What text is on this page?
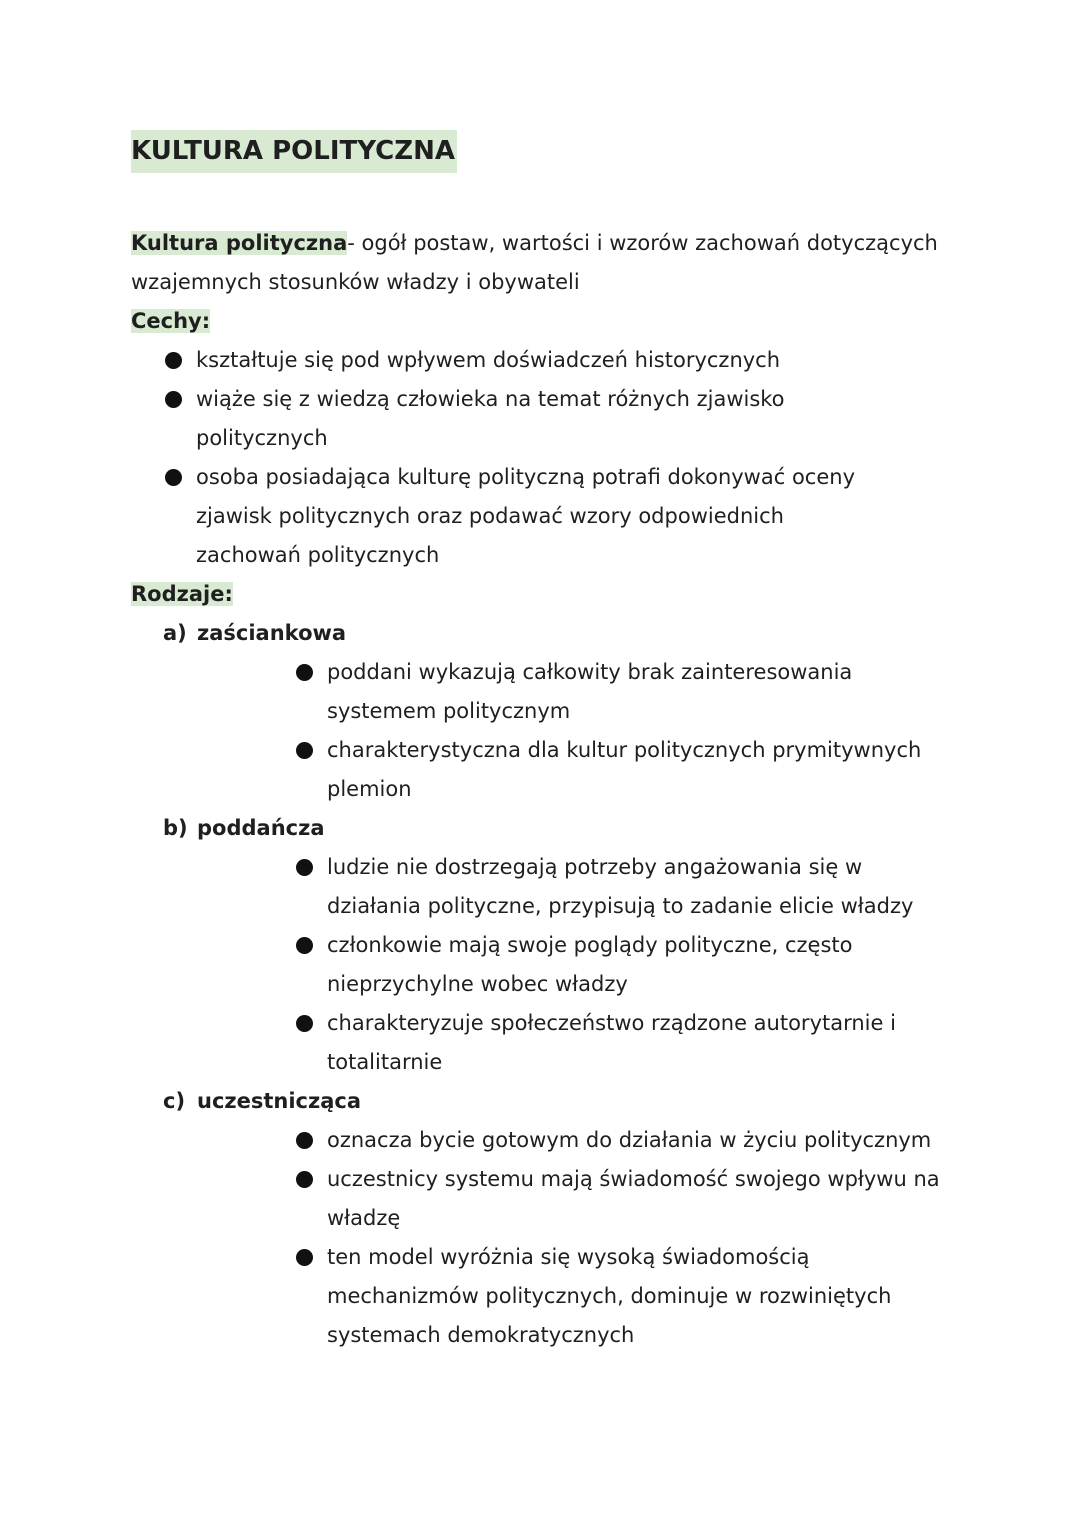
KULTURA POLITYCZNA
Kultura polityczna- ogół postaw, wartości i wzorów zachowań dotyczących
wzajemnych stosunków władzy i obywateli
Cechy:
kształtuje się pod wpływem doświadczeń historycznych
wiąże się z wiedzą człowieka na temat różnych zjawisko politycznych
osoba posiadająca kulturę polityczną potrafi dokonywać oceny zjawisk politycznych oraz podawać wzory odpowiednich zachowań politycznych
Rodzaje:
a) zaściankowa
poddani wykazują całkowity brak zainteresowania systemem politycznym
charakterystyczna dla kultur politycznych prymitywnych plemion
b) poddańcza
ludzie nie dostrzegają potrzeby angażowania się w działania polityczne, przypisują to zadanie elicie władzy
członkowie mają swoje poglądy polityczne, często nieprzychylne wobec władzy
charakteryzuje społeczeństwo rządzone autorytarnie i totalitarnie
c) uczestnicząca
oznacza bycie gotowym do działania w życiu politycznym
uczestnicy systemu mają świadomość swojego wpływu na władzę
ten model wyróżnia się wysoką świadomością mechanizmów politycznych, dominuje w rozwiniętych systemach demokratycznych
